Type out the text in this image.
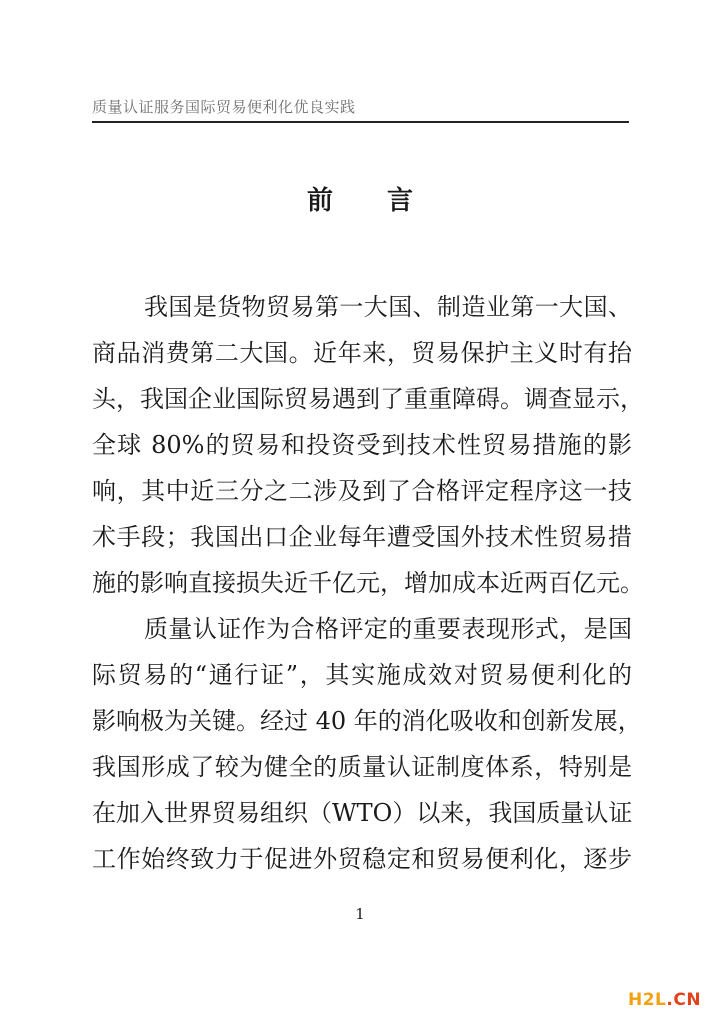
质量认证服务国际贸易便利化优良实践
前 言
我国是货物贸易第一大国、制造业第一大国、
商品消费第二大国。近年来，贸易保护主义时有抬
头，我国企业国际贸易遇到了重重障碍。调查显示，
全球 80%的贸易和投资受到技术性贸易措施的影
响，其中近三分之二涉及到了合格评定程序这一技
术手段；我国出口企业每年遭受国外技术性贸易措
施的影响直接损失近千亿元，增加成本近两百亿元。
质量认证作为合格评定的重要表现形式，是国
际贸易的“通行证”，其实施成效对贸易便利化的
影响极为关键。经过 40 年的消化吸收和创新发展，
我国形成了较为健全的质量认证制度体系，特别是
在加入世界贸易组织（WTO）以来，我国质量认证
工作始终致力于促进外贸稳定和贸易便利化，逐步
1
H2L.CN
